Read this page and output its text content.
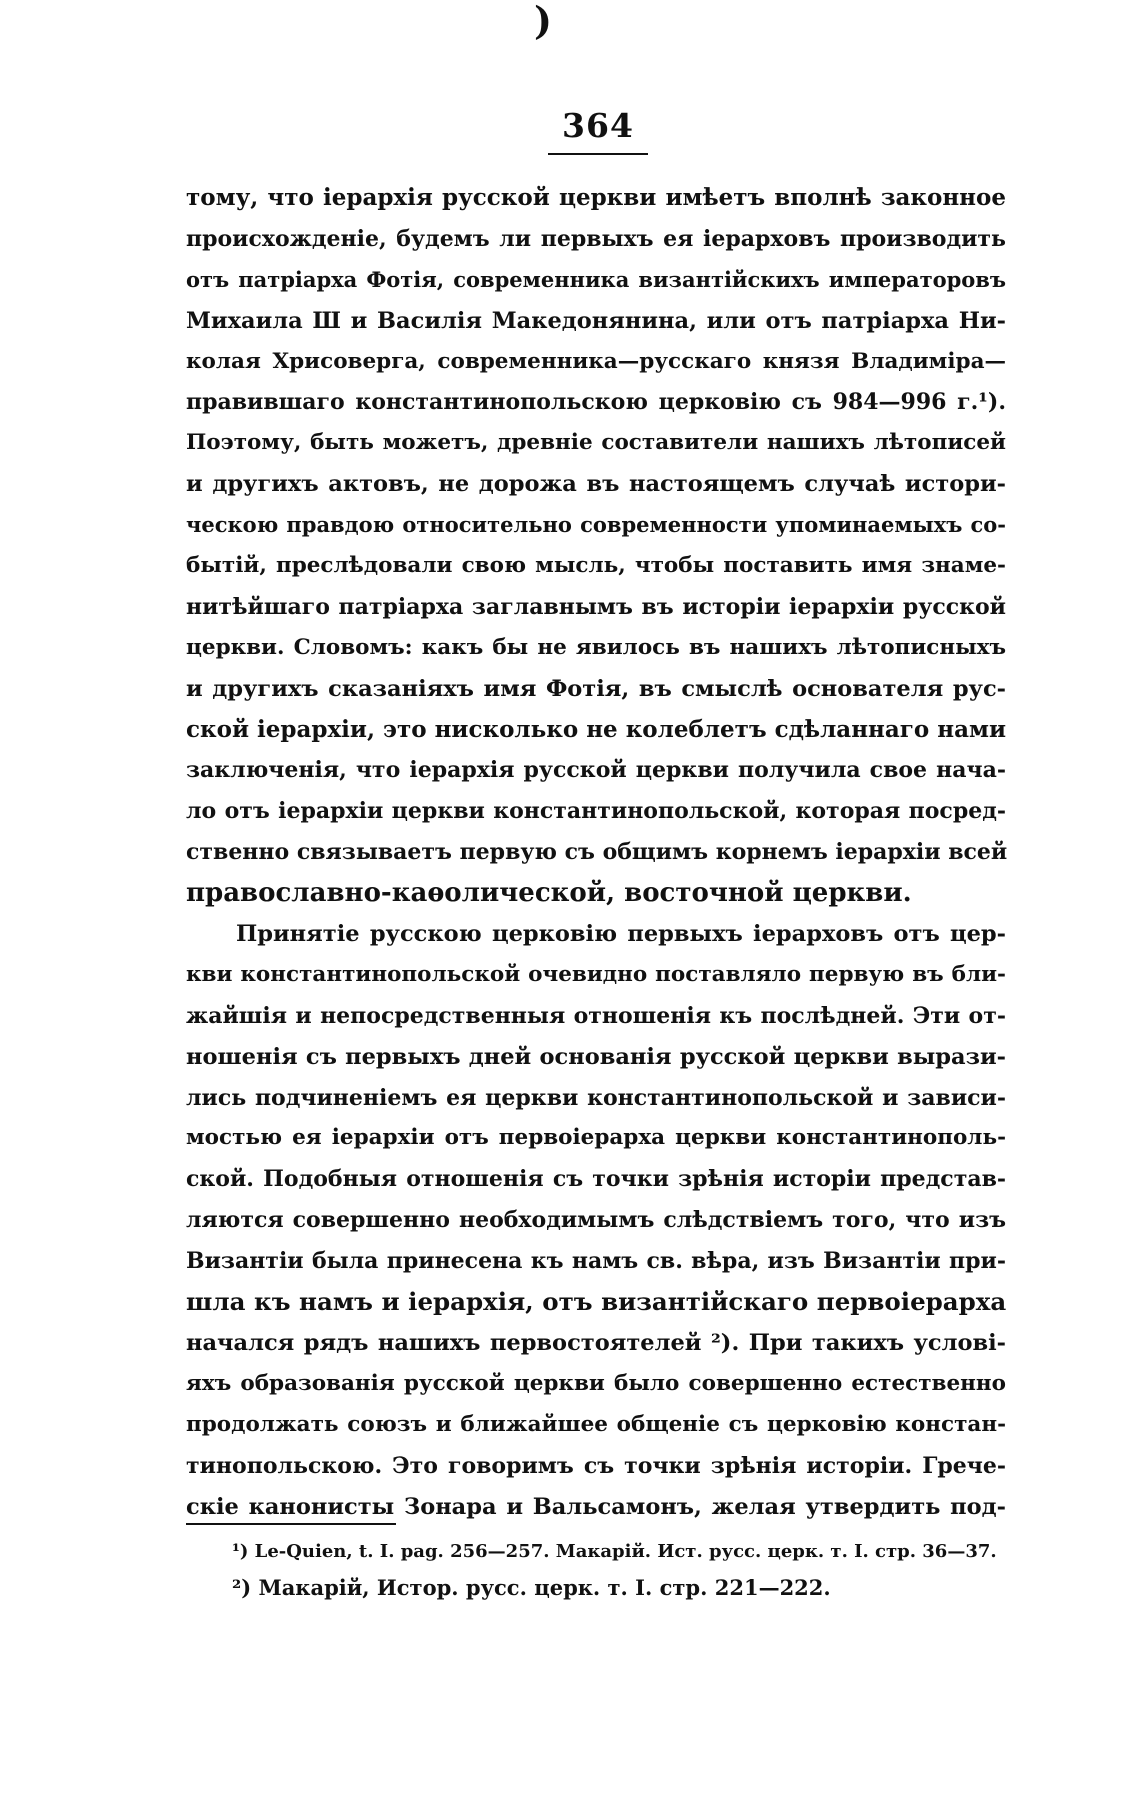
)
364
тому, что іерархія русской церкви имѣетъ вполнѣ законное
происхожденіе, будемъ ли первыхъ ея іерарховъ производить
отъ патріарха Фотія, современника византійскихъ императоровъ
Михаила Ш и Василія Македонянина, или отъ патріарха Ни-
колая Хрисоверга, современника—русскаго князя Владиміра—
правившаго константинопольскою церковію съ 984—996 г.¹).
Поэтому, быть можетъ, древніе составители нашихъ лѣтописей
и другихъ актовъ, не дорожа въ настоящемъ случаѣ истори-
ческою правдою относительно современности упоминаемыхъ со-
бытій, преслѣдовали свою мысль, чтобы поставить имя знаме-
нитѣйшаго патріарха заглавнымъ въ исторіи іерархіи русской
церкви. Словомъ: какъ бы не явилось въ нашихъ лѣтописныхъ
и другихъ сказаніяхъ имя Фотія, въ смыслѣ основателя рус-
ской іерархіи, это нисколько не колеблетъ сдѣланнаго нами
заключенія, что іерархія русской церкви получила свое нача-
ло отъ іерархіи церкви константинопольской, которая посред-
ственно связываетъ первую съ общимъ корнемъ іерархіи всей
православно-каѳолической, восточной церкви.
Принятіе русскою церковію первыхъ іерарховъ отъ цер-
кви константинопольской очевидно поставляло первую въ бли-
жайшія и непосредственныя отношенія къ послѣдней. Эти от-
ношенія съ первыхъ дней основанія русской церкви вырази-
лись подчиненіемъ ея церкви константинопольской и зависи-
мостью ея іерархіи отъ первоіерарха церкви константинополь-
ской. Подобныя отношенія съ точки зрѣнія исторіи представ-
ляются совершенно необходимымъ слѣдствіемъ того, что изъ
Византіи была принесена къ намъ св. вѣра, изъ Византіи при-
шла къ намъ и іерархія, отъ византійскаго первоіерарха
начался рядъ нашихъ первостоятелей ²). При такихъ услові-
яхъ образованія русской церкви было совершенно естественно
продолжать союзъ и ближайшее общеніе съ церковію констан-
тинопольскою. Это говоримъ съ точки зрѣнія исторіи. Грече-
скіе канонисты Зонара и Вальсамонъ, желая утвердить под-
¹) Le-Quien, t. I. pag. 256—257. Макарій. Ист. русс. церк. т. I. стр. 36—37.
²) Макарій, Истор. русс. церк. т. I. стр. 221—222.
